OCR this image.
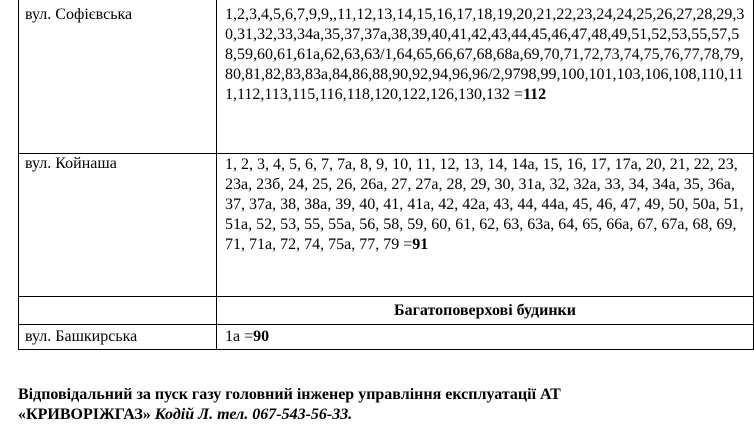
вул. Софієвська	1,2,3,4,5,6,7,9,9,,11,12,13,14,15,16,17,18,19,20,21,22,23,24,24,25,26,27,28,29,30,31,32,33,34а,35,37,37а,38,39,40,41,42,43,44,45,46,47,48,49,51,52,53,55,57,58,59,60,61,61а,62,63,63/1,64,65,66,67,68,68а,69,70,71,72,73,74,75,76,77,78,79,80,81,82,83,83а,84,86,88,90,92,94,96,96/2,9798,99,100,101,103,106,108,110,111,112,113,115,116,118,120,122,126,130,132 =112
вул. Койнаша	1, 2, 3, 4, 5, 6, 7, 7а, 8, 9, 10, 11, 12, 13, 14, 14а, 15, 16, 17, 17а, 20, 21, 22, 23, 23а, 23б, 24, 25, 26, 26а, 27, 27а, 28, 29, 30, 31а, 32, 32а, 33, 34, 34а, 35, 36а, 37, 37а, 38, 38а, 39, 40, 41, 41а, 42, 42а, 43, 44, 44а, 45, 46, 47, 49, 50, 50а, 51, 51а, 52, 53, 55, 55а, 56, 58, 59, 60, 61, 62, 63, 63а, 64, 65, 66а, 67, 67а, 68, 69, 71, 71а, 72, 74, 75а, 77, 79 =91
	Багатоповерхові будинки
вул. Башкирська	1а =90
Відповідальний за пуск газу головний інженер управління експлуатації АТ
«КРИВОРІЖГАЗ» Кодій Л. тел. 067-543-56-33.
